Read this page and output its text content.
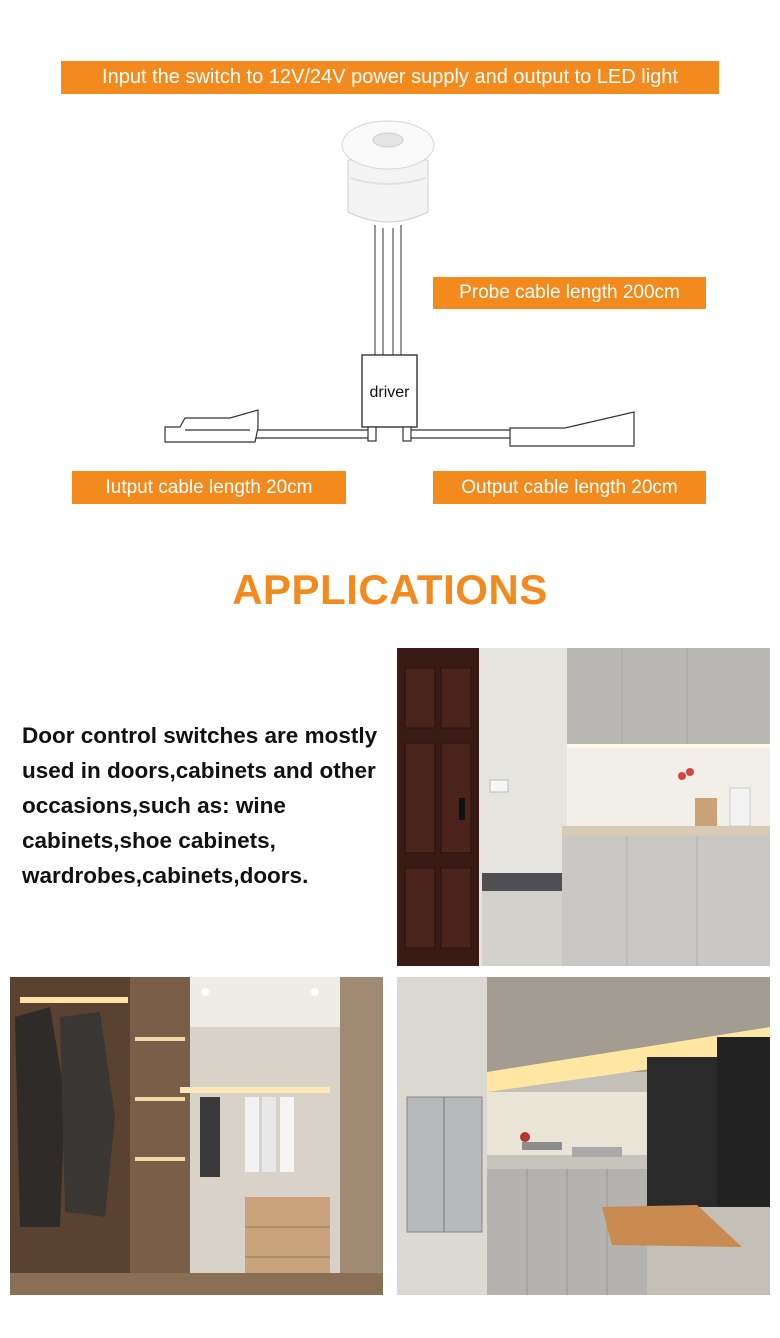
Input the switch to 12V/24V power supply and output to LED light
driver
Probe cable length 200cm
Iutput cable length 20cm	Output cable length 20cm
APPLICATIONS
Door control switches are mostly used in doors,cabinets and other occasions,such as: wine cabinets,shoe cabinets, wardrobes,cabinets,doors.
